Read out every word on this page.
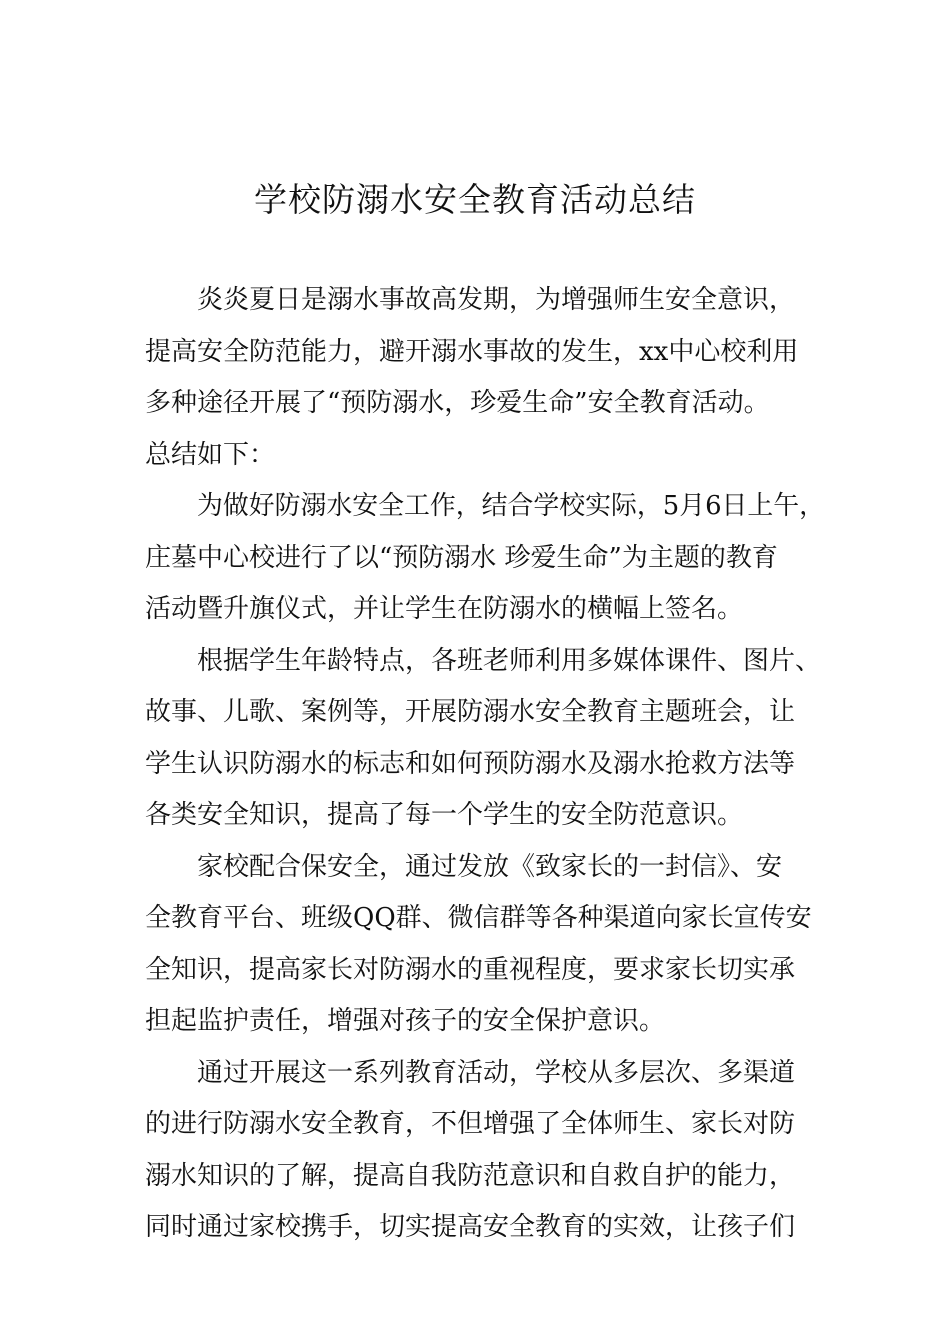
学校防溺水安全教育活动总结
炎炎夏日是溺水事故高发期，为增强师生安全意识，
提高安全防范能力，避开溺水事故的发生，xx中心校利用
多种途径开展了“预防溺水，珍爱生命”安全教育活动。
总结如下：
为做好防溺水安全工作，结合学校实际，5月6日上午，
庄墓中心校进行了以“预防溺水 珍爱生命”为主题的教育
活动暨升旗仪式，并让学生在防溺水的横幅上签名。
根据学生年龄特点，各班老师利用多媒体课件、图片、
故事、儿歌、案例等，开展防溺水安全教育主题班会，让
学生认识防溺水的标志和如何预防溺水及溺水抢救方法等
各类安全知识，提高了每一个学生的安全防范意识。
家校配合保安全，通过发放《致家长的一封信》、安
全教育平台、班级QQ群、微信群等各种渠道向家长宣传安
全知识，提高家长对防溺水的重视程度，要求家长切实承
担起监护责任，增强对孩子的安全保护意识。
通过开展这一系列教育活动，学校从多层次、多渠道
的进行防溺水安全教育，不但增强了全体师生、家长对防
溺水知识的了解，提高自我防范意识和自救自护的能力，
同时通过家校携手，切实提高安全教育的实效，让孩子们
